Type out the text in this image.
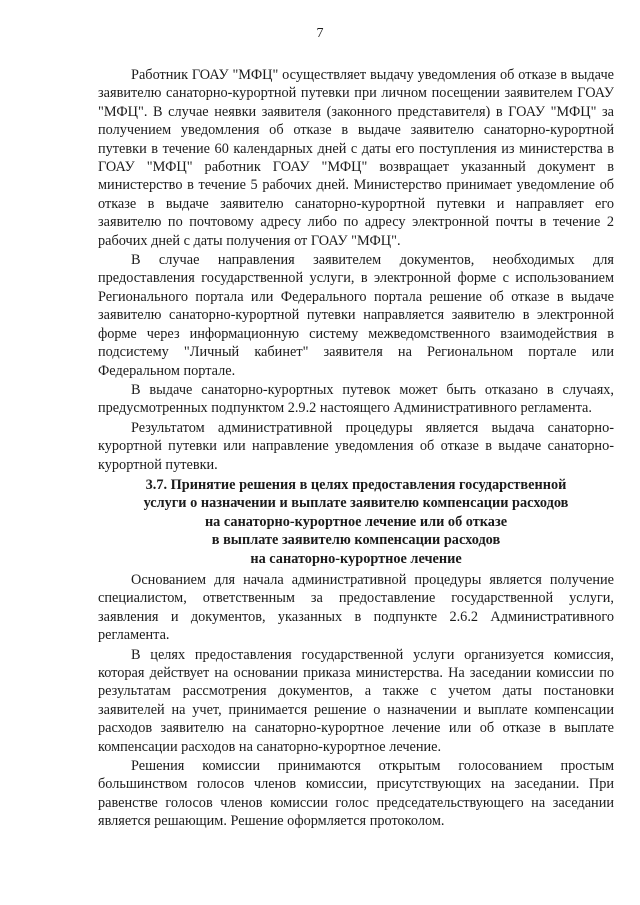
7

Работник ГОАУ "МФЦ" осуществляет выдачу уведомления об отказе в выдаче заявителю санаторно-курортной путевки при личном посещении заявителем ГОАУ "МФЦ". В случае неявки заявителя (законного представителя) в ГОАУ "МФЦ" за получением уведомления об отказе в выдаче заявителю санаторно-курортной путевки в течение 60 календарных дней с даты его поступления из министерства в ГОАУ "МФЦ" работник ГОАУ "МФЦ" возвращает указанный документ в министерство в течение 5 рабочих дней. Министерство принимает уведомление об отказе в выдаче заявителю санаторно-курортной путевки и направляет его заявителю по почтовому адресу либо по адресу электронной почты в течение 2 рабочих дней с даты получения от ГОАУ "МФЦ".

В случае направления заявителем документов, необходимых для предоставления государственной услуги, в электронной форме с использованием Регионального портала или Федерального портала решение об отказе в выдаче заявителю санаторно-курортной путевки направляется заявителю в электронной форме через информационную систему межведомственного взаимодействия в подсистему "Личный кабинет" заявителя на Региональном портале или Федеральном портале.

В выдаче санаторно-курортных путевок может быть отказано в случаях, предусмотренных подпунктом 2.9.2 настоящего Административного регламента.

Результатом административной процедуры является выдача санаторно-курортной путевки или направление уведомления об отказе в выдаче санаторно-курортной путевки.

3.7. Принятие решения в целях предоставления государственной
услуги о назначении и выплате заявителю компенсации расходов
на санаторно-курортное лечение или об отказе
в выплате заявителю компенсации расходов
на санаторно-курортное лечение

Основанием для начала административной процедуры является получение специалистом, ответственным за предоставление государственной услуги, заявления и документов, указанных в подпункте 2.6.2 Административного регламента.

В целях предоставления государственной услуги организуется комиссия, которая действует на основании приказа министерства. На заседании комиссии по результатам рассмотрения документов, а также с учетом даты постановки заявителей на учет, принимается решение о назначении и выплате компенсации расходов заявителю на санаторно-курортное лечение или об отказе в выплате компенсации расходов на санаторно-курортное лечение.

Решения комиссии принимаются открытым голосованием простым большинством голосов членов комиссии, присутствующих на заседании. При равенстве голосов членов комиссии голос председательствующего на заседании является решающим. Решение оформляется протоколом.
